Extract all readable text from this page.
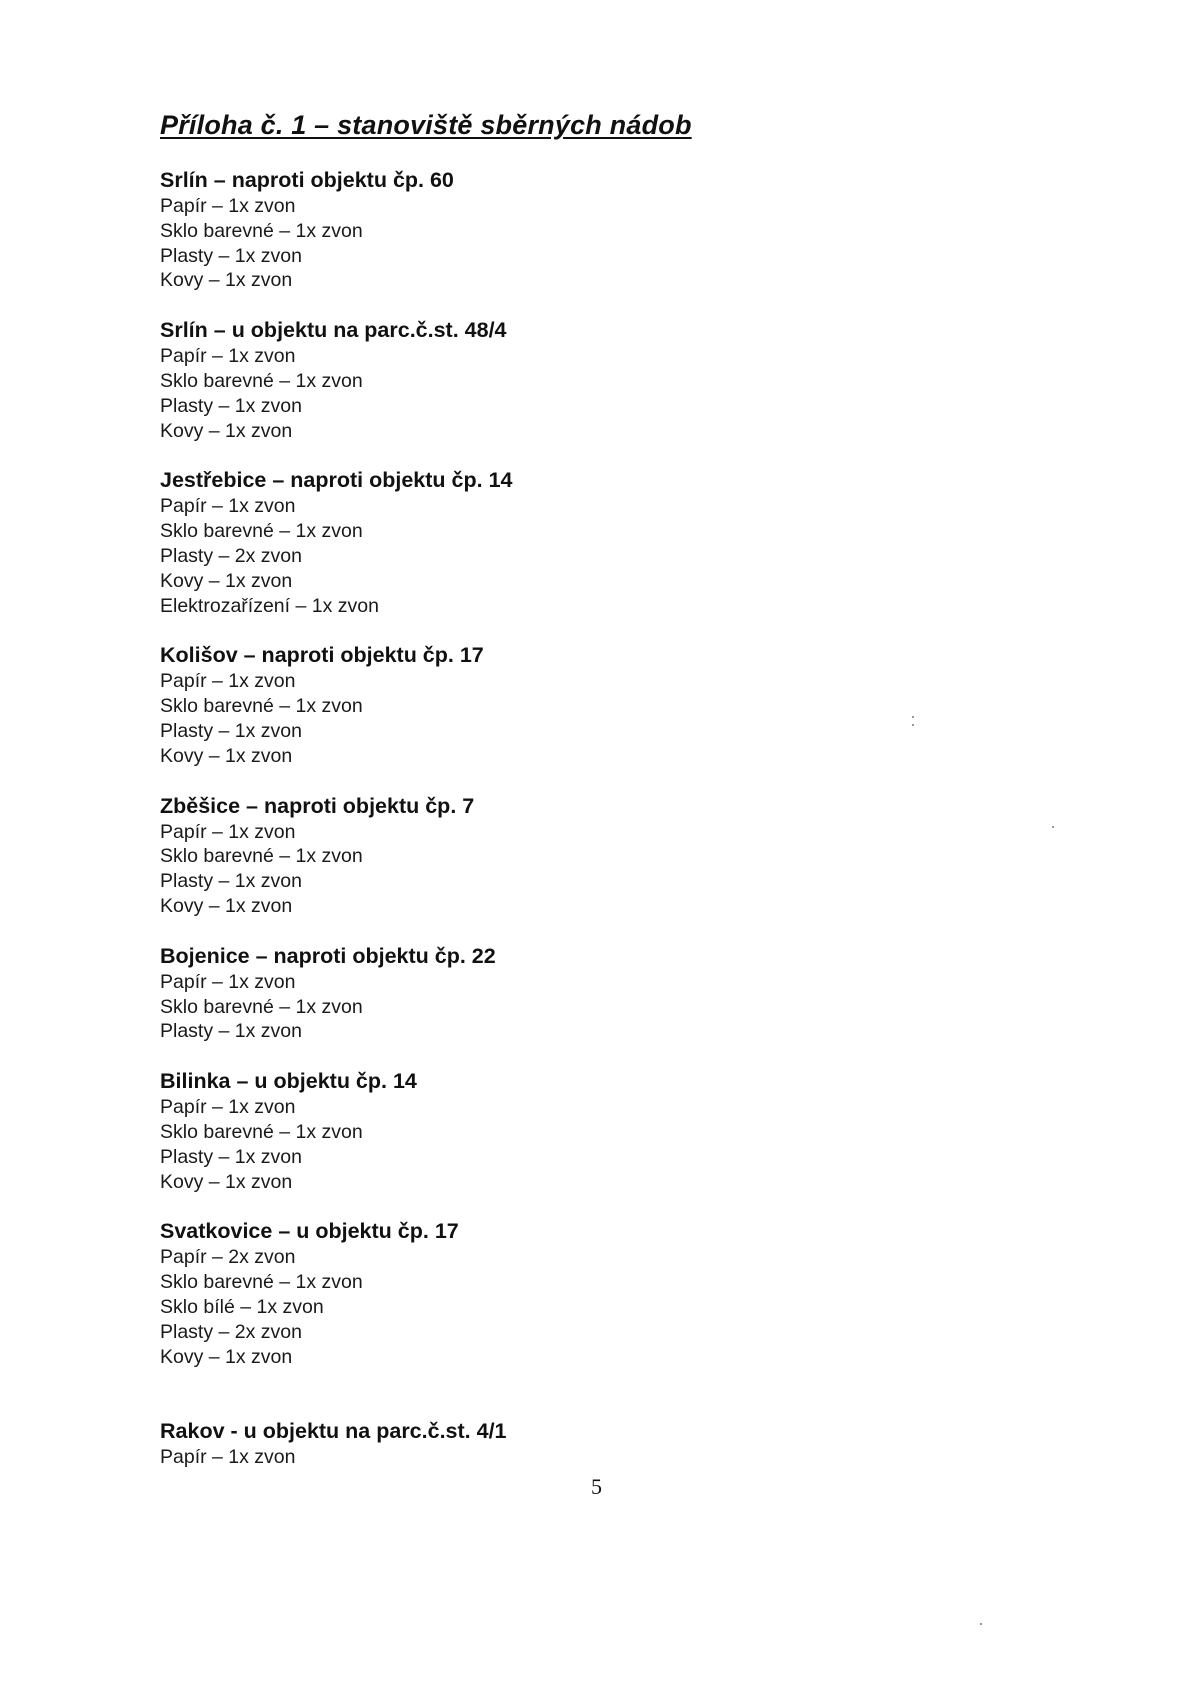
Příloha č. 1 – stanoviště sběrných nádob
Srlín – naproti objektu čp. 60
Papír – 1x zvon
Sklo barevné – 1x zvon
Plasty – 1x zvon
Kovy – 1x zvon
Srlín – u objektu na parc.č.st. 48/4
Papír – 1x zvon
Sklo barevné – 1x zvon
Plasty – 1x zvon
Kovy – 1x zvon
Jestřebice – naproti objektu čp. 14
Papír – 1x zvon
Sklo barevné – 1x zvon
Plasty – 2x zvon
Kovy – 1x zvon
Elektrozařízení – 1x zvon
Kolišov – naproti objektu čp. 17
Papír – 1x zvon
Sklo barevné – 1x zvon
Plasty – 1x zvon
Kovy – 1x zvon
Zběšice – naproti objektu čp. 7
Papír – 1x zvon
Sklo barevné – 1x zvon
Plasty – 1x zvon
Kovy – 1x zvon
Bojenice – naproti objektu čp. 22
Papír – 1x zvon
Sklo barevné – 1x zvon
Plasty – 1x zvon
Bilinka – u objektu čp. 14
Papír – 1x zvon
Sklo barevné – 1x zvon
Plasty – 1x zvon
Kovy – 1x zvon
Svatkovice – u objektu čp. 17
Papír – 2x zvon
Sklo barevné – 1x zvon
Sklo bílé – 1x zvon
Plasty – 2x zvon
Kovy – 1x zvon
Rakov - u objektu na parc.č.st. 4/1
Papír – 1x zvon
5
